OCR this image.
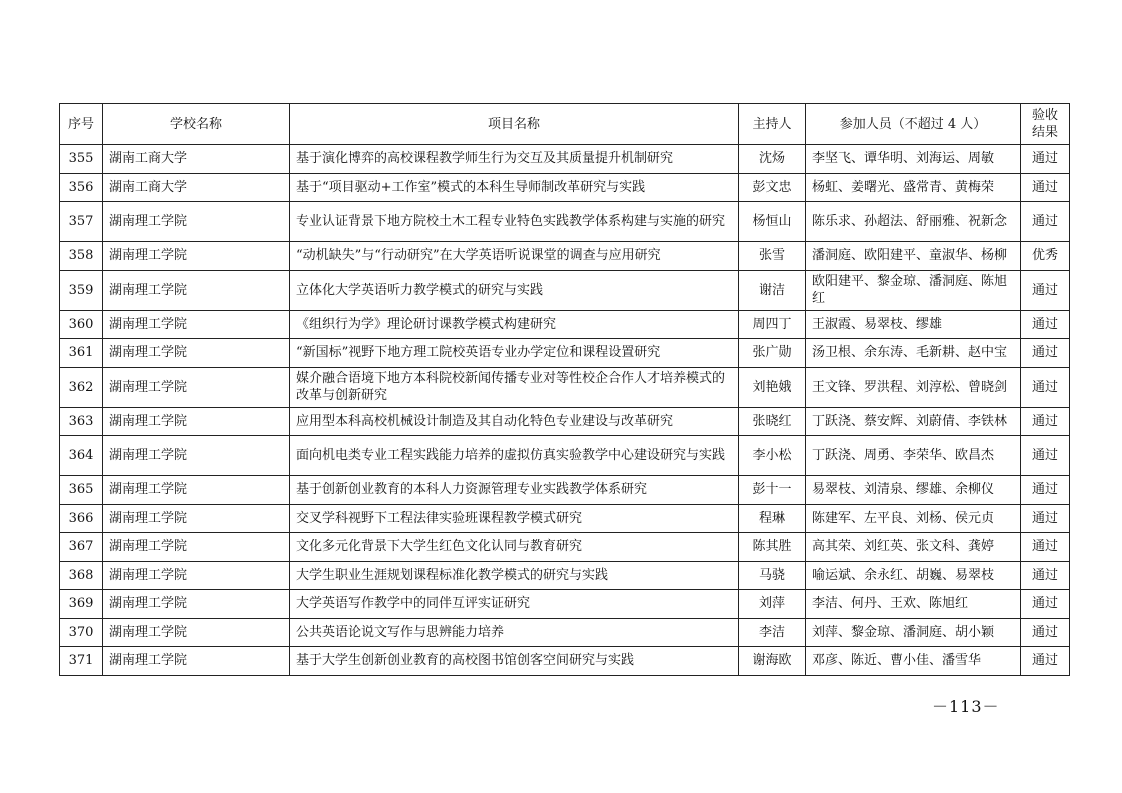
序号	学校名称	项目名称	主持人	参加人员（不超过 4 人）	验收结果
355	湖南工商大学	基于演化博弈的高校课程教学师生行为交互及其质量提升机制研究	沈炀	李坚飞、谭华明、刘海运、周敏	通过
356	湖南工商大学	基于“项目驱动+工作室”模式的本科生导师制改革研究与实践	彭文忠	杨虹、姜曙光、盛常青、黄梅荣	通过
357	湖南理工学院	专业认证背景下地方院校土木工程专业特色实践教学体系构建与实施的研究	杨恒山	陈乐求、孙超法、舒丽雅、祝新念	通过
358	湖南理工学院	“动机缺失”与“行动研究”在大学英语听说课堂的调查与应用研究	张雪	潘洞庭、欧阳建平、童淑华、杨柳	优秀
359	湖南理工学院	立体化大学英语听力教学模式的研究与实践	谢洁	欧阳建平、黎金琼、潘洞庭、陈旭红	通过
360	湖南理工学院	《组织行为学》理论研讨课教学模式构建研究	周四丁	王淑霞、易翠枝、缪雄	通过
361	湖南理工学院	“新国标”视野下地方理工院校英语专业办学定位和课程设置研究	张广勋	汤卫根、余东涛、毛新耕、赵中宝	通过
362	湖南理工学院	媒介融合语境下地方本科院校新闻传播专业对等性校企合作人才培养模式的改革与创新研究	刘艳娥	王文锋、罗洪程、刘淳松、曾晓剑	通过
363	湖南理工学院	应用型本科高校机械设计制造及其自动化特色专业建设与改革研究	张晓红	丁跃浇、蔡安辉、刘蔚倩、李铁林	通过
364	湖南理工学院	面向机电类专业工程实践能力培养的虚拟仿真实验教学中心建设研究与实践	李小松	丁跃浇、周勇、李荣华、欧昌杰	通过
365	湖南理工学院	基于创新创业教育的本科人力资源管理专业实践教学体系研究	彭十一	易翠枝、刘清泉、缪雄、余柳仪	通过
366	湖南理工学院	交叉学科视野下工程法律实验班课程教学模式研究	程琳	陈建军、左平良、刘杨、侯元贞	通过
367	湖南理工学院	文化多元化背景下大学生红色文化认同与教育研究	陈其胜	高其荣、刘红英、张文科、龚婷	通过
368	湖南理工学院	大学生职业生涯规划课程标准化教学模式的研究与实践	马骁	喻运斌、余永红、胡巍、易翠枝	通过
369	湖南理工学院	大学英语写作教学中的同伴互评实证研究	刘萍	李洁、何丹、王欢、陈旭红	通过
370	湖南理工学院	公共英语论说文写作与思辨能力培养	李洁	刘萍、黎金琼、潘洞庭、胡小颖	通过
371	湖南理工学院	基于大学生创新创业教育的高校图书馆创客空间研究与实践	谢海欧	邓彦、陈近、曹小佳、潘雪华	通过
－113－
